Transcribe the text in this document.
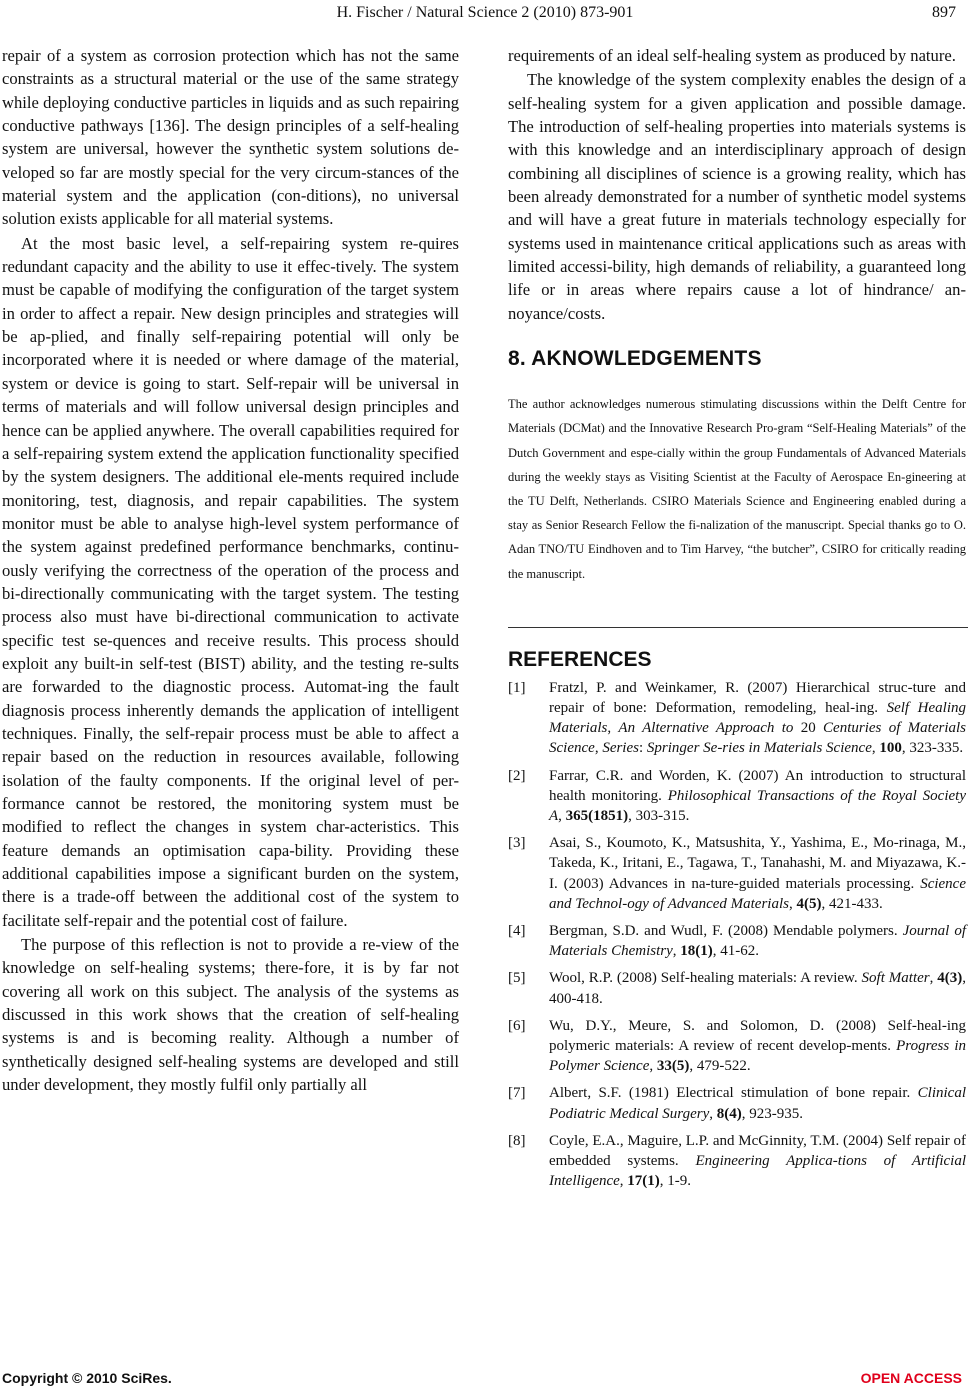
H. Fischer / Natural Science 2 (2010) 873-901	897

repair of a system as corrosion protection which has not the same constraints as a structural material or the use of the same strategy while deploying conductive particles in liquids and as such repairing conductive pathways [136]. The design principles of a self-healing system are universal, however the synthetic system solutions de-veloped so far are mostly special for the very circum-stances of the material system and the application (con-ditions), no universal solution exists applicable for all material systems.

At the most basic level, a self-repairing system re-quires redundant capacity and the ability to use it effec-tively. The system must be capable of modifying the configuration of the target system in order to affect a repair. New design principles and strategies will be ap-plied, and finally self-repairing potential will only be incorporated where it is needed or where damage of the material, system or device is going to start. Self-repair will be universal in terms of materials and will follow universal design principles and hence can be applied anywhere. The overall capabilities required for a self-repairing system extend the application functionality specified by the system designers. The additional ele-ments required include monitoring, test, diagnosis, and repair capabilities. The system monitor must be able to analyse high-level system performance of the system against predefined performance benchmarks, continu-ously verifying the correctness of the operation of the process and bi-directionally communicating with the target system. The testing process also must have bi-directional communication to activate specific test se-quences and receive results. This process should exploit any built-in self-test (BIST) ability, and the testing re-sults are forwarded to the diagnostic process. Automat-ing the fault diagnosis process inherently demands the application of intelligent techniques. Finally, the self-repair process must be able to affect a repair based on the reduction in resources available, following isolation of the faulty components. If the original level of per-formance cannot be restored, the monitoring system must be modified to reflect the changes in system char-acteristics. This feature demands an optimisation capa-bility. Providing these additional capabilities impose a significant burden on the system, there is a trade-off between the additional cost of the system to facilitate self-repair and the potential cost of failure.

The purpose of this reflection is not to provide a re-view of the knowledge on self-healing systems; there-fore, it is by far not covering all work on this subject. The analysis of the systems as discussed in this work shows that the creation of self-healing systems is and is becoming reality. Although a number of synthetically designed self-healing systems are developed and still under development, they mostly fulfil only partially all

requirements of an ideal self-healing system as produced by nature.

The knowledge of the system complexity enables the design of a self-healing system for a given application and possible damage. The introduction of self-healing properties into materials systems is with this knowledge and an interdisciplinary approach of design combining all disciplines of science is a growing reality, which has been already demonstrated for a number of synthetic model systems and will have a great future in materials technology especially for systems used in maintenance critical applications such as areas with limited accessi-bility, high demands of reliability, a guaranteed long life or in areas where repairs cause a lot of hindrance/ an-noyance/costs.

8. AKNOWLEDGEMENTS

The author acknowledges numerous stimulating discussions within the Delft Centre for Materials (DCMat) and the Innovative Research Pro-gram “Self-Healing Materials” of the Dutch Government and espe-cially within the group Fundamentals of Advanced Materials during the weekly stays as Visiting Scientist at the Faculty of Aerospace En-gineering at the TU Delft, Netherlands. CSIRO Materials Science and Engineering enabled during a stay as Senior Research Fellow the fi-nalization of the manuscript. Special thanks go to O. Adan TNO/TU Eindhoven and to Tim Harvey, “the butcher”, CSIRO for critically reading the manuscript.

REFERENCES
[1]	Fratzl, P. and Weinkamer, R. (2007) Hierarchical struc-ture and repair of bone: Deformation, remodeling, heal-ing. Self Healing Materials, An Alternative Approach to 20 Centuries of Materials Science, Series: Springer Se-ries in Materials Science, 100, 323-335.
[2]	Farrar, C.R. and Worden, K. (2007) An introduction to structural health monitoring. Philosophical Transactions of the Royal Society A, 365(1851), 303-315.
[3]	Asai, S., Koumoto, K., Matsushita, Y., Yashima, E., Mo-rinaga, M., Takeda, K., Iritani, E., Tagawa, T., Tanahashi, M. and Miyazawa, K.-I. (2003) Advances in na-ture-guided materials processing. Science and Technol-ogy of Advanced Materials, 4(5), 421-433.
[4]	Bergman, S.D. and Wudl, F. (2008) Mendable polymers. Journal of Materials Chemistry, 18(1), 41-62.
[5]	Wool, R.P. (2008) Self-healing materials: A review. Soft Matter, 4(3), 400-418.
[6]	Wu, D.Y., Meure, S. and Solomon, D. (2008) Self-heal-ing polymeric materials: A review of recent develop-ments. Progress in Polymer Science, 33(5), 479-522.
[7]	Albert, S.F. (1981) Electrical stimulation of bone repair. Clinical Podiatric Medical Surgery, 8(4), 923-935.
[8]	Coyle, E.A., Maguire, L.P. and McGinnity, T.M. (2004) Self repair of embedded systems. Engineering Applica-tions of Artificial Intelligence, 17(1), 1-9.
Copyright © 2010 SciRes.	OPEN ACCESS
